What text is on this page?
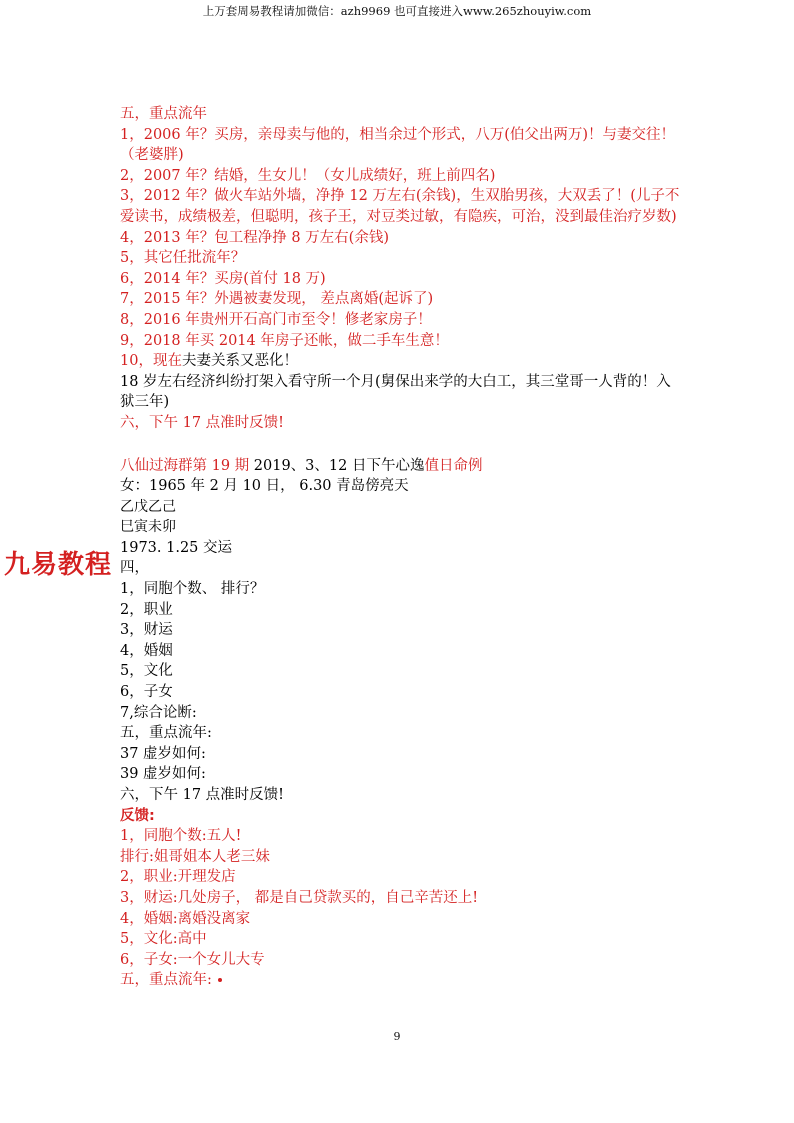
上万套周易教程请加微信：azh9969 也可直接进入www.265zhouyiw.com
五，重点流年
1，2006 年？买房，亲母卖与他的，相当余过个形式，八万(伯父出两万)！与妻交往！（老婆胖)
2，2007 年？结婚，生女儿！（女儿成绩好，班上前四名)
3，2012 年？做火车站外墙，净挣 12 万左右(余钱)，生双胎男孩，大双丢了！(儿子不爱读书，成绩极差，但聪明，孩子王，对豆类过敏，有隐疾，可治，没到最佳治疗岁数)
4，2013 年？包工程净挣 8 万左右(余钱)
5，其它任批流年？
6，2014 年？买房(首付 18 万)
7，2015 年？外遇被妻发现， 差点离婚(起诉了)
8，2016 年贵州开石高门市至令！修老家房子！
9，2018 年买 2014 年房子还帐，做二手车生意！
10，现在夫妻关系又恶化！
18 岁左右经济纠纷打架入看守所一个月(舅保出来学的大白工，其三堂哥一人背的！入狱三年)
六，下午 17 点准时反馈!
八仙过海群第 19 期 2019、3、12 日下午心逸值日命例
女：1965 年 2 月 10 日， 6.30 青岛傍亮天
乙戊乙己
巳寅未卯
1973. 1.25 交运
四，
1，同胞个数、 排行？
2，职业
3，财运
4，婚姻
5，文化
6，子女
7,综合论断:
五，重点流年:
37 虚岁如何:
39 虚岁如何:
六，下午 17 点准时反馈!
反馈:
1，同胞个数:五人!
排行:姐哥姐本人老三妹
2，职业:开理发店
3，财运:几处房子， 都是自己贷款买的，自己辛苦还上!
4，婚姻:离婚没离家
5，文化:高中
6，子女:一个女儿大专
五，重点流年:
九易教程
9
